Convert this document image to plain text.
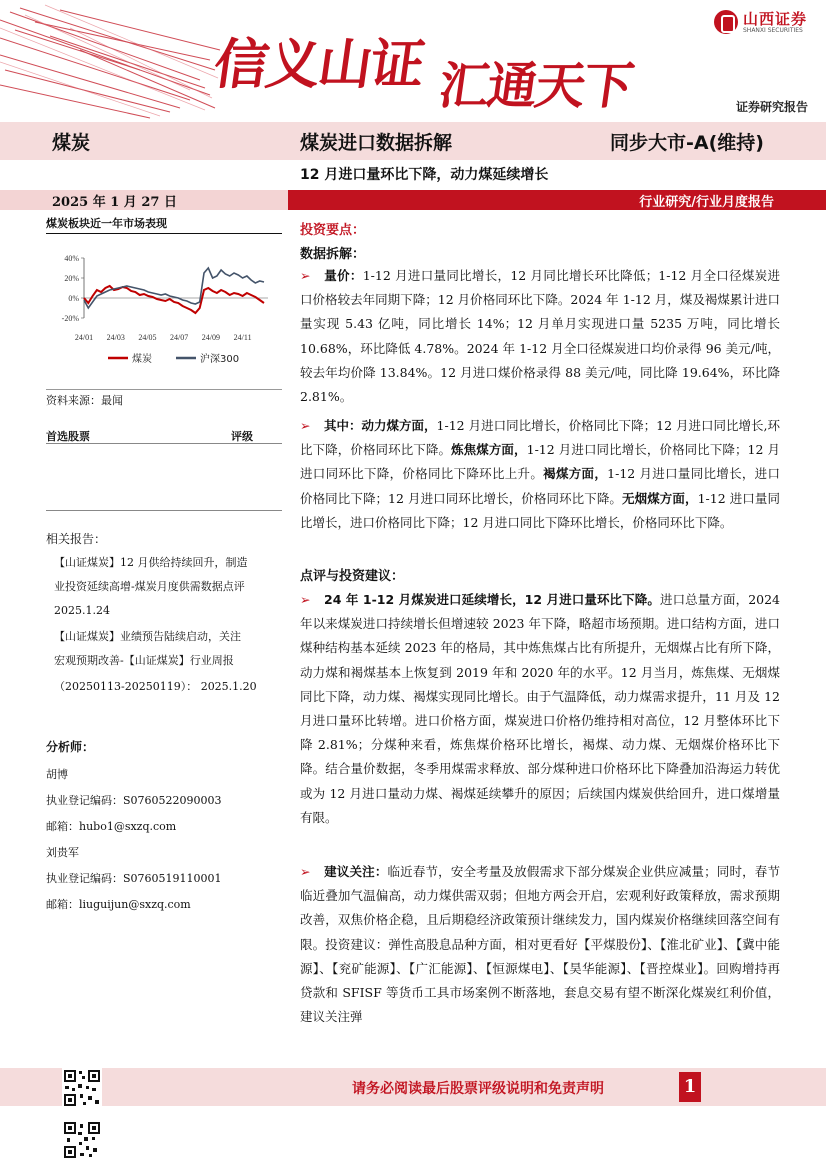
信义山证 汇通天下
山西证券
SHANXI SECURITIES
证券研究报告
煤炭	煤炭进口数据拆解	同步大市-A(维持)
12 月进口量环比下降，动力煤延续增长
2025 年 1 月 27 日	行业研究/行业月度报告
煤炭板块近一年市场表现
40%
20%
0%
-20%
24/01 24/03 24/05 24/07 24/09 24/11
煤炭	沪深300
资料来源：最闻
首选股票	评级
相关报告：
【山证煤炭】12 月供给持续回升，制造
业投资延续高增-煤炭月度供需数据点评
2025.1.24
【山证煤炭】业绩预告陆续启动，关注
宏观预期改善-【山证煤炭】行业周报
（20250113-20250119）： 2025.1.20
分析师：
胡博
执业登记编码：S0760522090003
邮箱：hubo1@sxzq.com
刘贵军
执业登记编码：S0760519110001
邮箱：liuguijun@sxzq.com
投资要点：
数据拆解：
➢ 量价：1-12 月进口量同比增长，12 月同比增长环比降低；1-12 月全口径煤炭进口价格较去年同期下降；12 月价格同环比下降。2024 年 1-12 月，煤及褐煤累计进口量实现 5.43 亿吨，同比增长 14%；12 月单月实现进口量 5235 万吨，同比增长 10.68%，环比降低 4.78%。2024 年 1-12 月全口径煤炭进口均价录得 96 美元/吨，较去年均价降 13.84%。12 月进口煤价格录得 88 美元/吨，同比降 19.64%，环比降 2.81%。
➢ 其中：动力煤方面，1-12 月进口同比增长，价格同比下降；12 月进口同比增长,环比下降，价格同环比下降。炼焦煤方面，1-12 月进口同比增长，价格同比下降；12 月进口同环比下降，价格同比下降环比上升。褐煤方面，1-12 月进口量同比增长，进口价格同比下降；12 月进口同环比增长，价格同环比下降。无烟煤方面，1-12 进口量同比增长，进口价格同比下降；12 月进口同比下降环比增长，价格同环比下降。
点评与投资建议：
➢ 24 年 1-12 月煤炭进口延续增长，12 月进口量环比下降。进口总量方面，2024 年以来煤炭进口持续增长但增速较 2023 年下降，略超市场预期。进口结构方面，进口煤种结构基本延续 2023 年的格局，其中炼焦煤占比有所提升，无烟煤占比有所下降，动力煤和褐煤基本上恢复到 2019 年和 2020 年的水平。12 月当月，炼焦煤、无烟煤同比下降，动力煤、褐煤实现同比增长。由于气温降低，动力煤需求提升，11 月及 12 月进口量环比转增。进口价格方面，煤炭进口价格仍维持相对高位，12 月整体环比下降 2.81%；分煤种来看，炼焦煤价格环比增长，褐煤、动力煤、无烟煤价格环比下降。结合量价数据，冬季用煤需求释放、部分煤种进口价格环比下降叠加沿海运力转优或为 12 月进口量动力煤、褐煤延续攀升的原因；后续国内煤炭供给回升，进口煤增量有限。
➢ 建议关注：临近春节，安全考量及放假需求下部分煤炭企业供应减量；同时，春节临近叠加气温偏高，动力煤供需双弱；但地方两会开启，宏观利好政策释放，需求预期改善，双焦价格企稳，且后期稳经济政策预计继续发力，国内煤炭价格继续回落空间有限。投资建议：弹性高股息品种方面，相对更看好【平煤股份】、【淮北矿业】、【冀中能源】、【兖矿能源】、【广汇能源】、【恒源煤电】、【昊华能源】、【晋控煤业】。回购增持再贷款和 SFISF 等货币工具市场案例不断落地，套息交易有望不断深化煤炭红利价值，建议关注弹
请务必阅读最后股票评级说明和免责声明	1
